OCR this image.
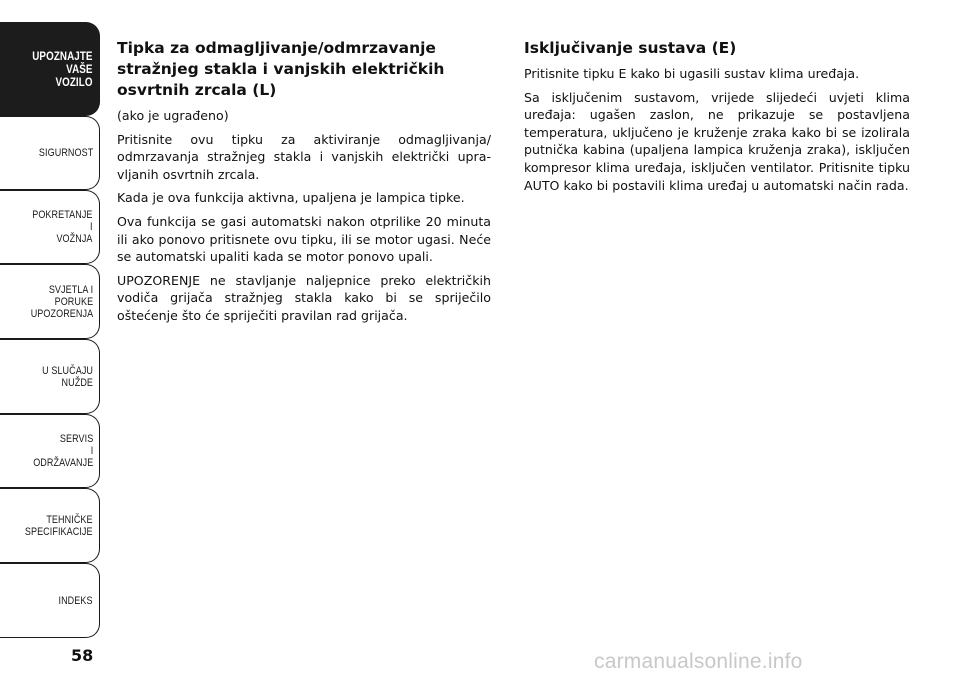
UPOZNAJTE
VAŠE
VOZILO
SIGURNOST
POKRETANJE
I
VOŽNJA
SVJETLA I
PORUKE
UPOZORENJA
U SLUČAJU
NUŽDE
SERVIS
I
ODRŽAVANJE
TEHNIČKE
SPECIFIKACIJE
INDEKS
58
Tipka za odmagljivanje/odmrzavanje stražnjeg stakla i vanjskih električkih osvrtnih zrcala (L)

(ako je ugrađeno)

Pritisnite ovu tipku za aktiviranje odmagljivanja/ odmrzavanja stražnjeg stakla i vanjskih električki upra- vljanih osvrtnih zrcala.

Kada je ova funkcija aktivna, upaljena je lampica tipke.

Ova funkcija se gasi automatski nakon otprilike 20 minuta ili ako ponovo pritisnete ovu tipku, ili se motor ugasi. Neće se automatski upaliti kada se motor ponovo upali.

UPOZORENJE ne stavljanje naljepnice preko električkih vodiča grijača stražnjeg stakla kako bi se spriječilo oštećenje što će spriječiti pravilan rad grijača.

Isključivanje sustava (E)

Pritisnite tipku E kako bi ugasili sustav klima uređaja.

Sa isključenim sustavom, vrijede slijedeći uvjeti klima uređaja: ugašen zaslon, ne prikazuje se postavljena temperatura, uključeno je kruženje zraka kako bi se izolirala putnička kabina (upaljena lampica kruženja zraka), isključen kompresor klima uređaja, isključen ventilator. Pritisnite tipku AUTO kako bi postavili klima uređaj u automatski način rada.

carmanualsonline.info
